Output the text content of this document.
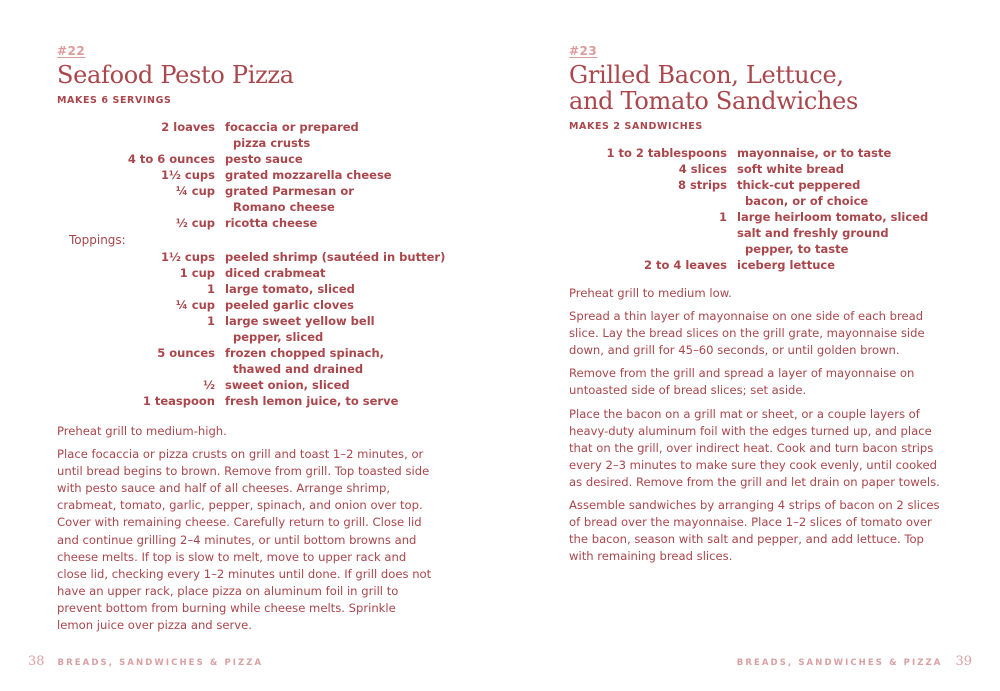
#22
Seafood Pesto Pizza
MAKES 6 SERVINGS
2 loaves focaccia or prepared
pizza crusts
4 to 6 ounces pesto sauce
1½ cups grated mozzarella cheese
¼ cup grated Parmesan or
Romano cheese
½ cup ricotta cheese
Toppings:
1½ cups peeled shrimp (sautéed in butter)
1 cup diced crabmeat
1 large tomato, sliced
¼ cup peeled garlic cloves
1 large sweet yellow bell
pepper, sliced
5 ounces frozen chopped spinach,
thawed and drained
½ sweet onion, sliced
1 teaspoon fresh lemon juice, to serve

Preheat grill to medium-high.

Place focaccia or pizza crusts on grill and toast 1–2 minutes, or until bread begins to brown. Remove from grill. Top toasted side with pesto sauce and half of all cheeses. Arrange shrimp, crabmeat, tomato, garlic, pepper, spinach, and onion over top. Cover with remaining cheese. Carefully return to grill. Close lid and continue grilling 2–4 minutes, or until bottom browns and cheese melts. If top is slow to melt, move to upper rack and close lid, checking every 1–2 minutes until done. If grill does not have an upper rack, place pizza on aluminum foil in grill to prevent bottom from burning while cheese melts. Sprinkle lemon juice over pizza and serve.

38 BREADS, SANDWICHES & PIZZA
#23
Grilled Bacon, Lettuce,
and Tomato Sandwiches
MAKES 2 SANDWICHES
1 to 2 tablespoons mayonnaise, or to taste
4 slices soft white bread
8 strips thick-cut peppered
bacon, or of choice
1 large heirloom tomato, sliced
salt and freshly ground
pepper, to taste
2 to 4 leaves iceberg lettuce

Preheat grill to medium low.

Spread a thin layer of mayonnaise on one side of each bread slice. Lay the bread slices on the grill grate, mayonnaise side down, and grill for 45–60 seconds, or until golden brown.

Remove from the grill and spread a layer of mayonnaise on untoasted side of bread slices; set aside.

Place the bacon on a grill mat or sheet, or a couple layers of heavy-duty aluminum foil with the edges turned up, and place that on the grill, over indirect heat. Cook and turn bacon strips every 2–3 minutes to make sure they cook evenly, until cooked as desired. Remove from the grill and let drain on paper towels.

Assemble sandwiches by arranging 4 strips of bacon on 2 slices of bread over the mayonnaise. Place 1–2 slices of tomato over the bacon, season with salt and pepper, and add lettuce. Top with remaining bread slices.

BREADS, SANDWICHES & PIZZA 39
